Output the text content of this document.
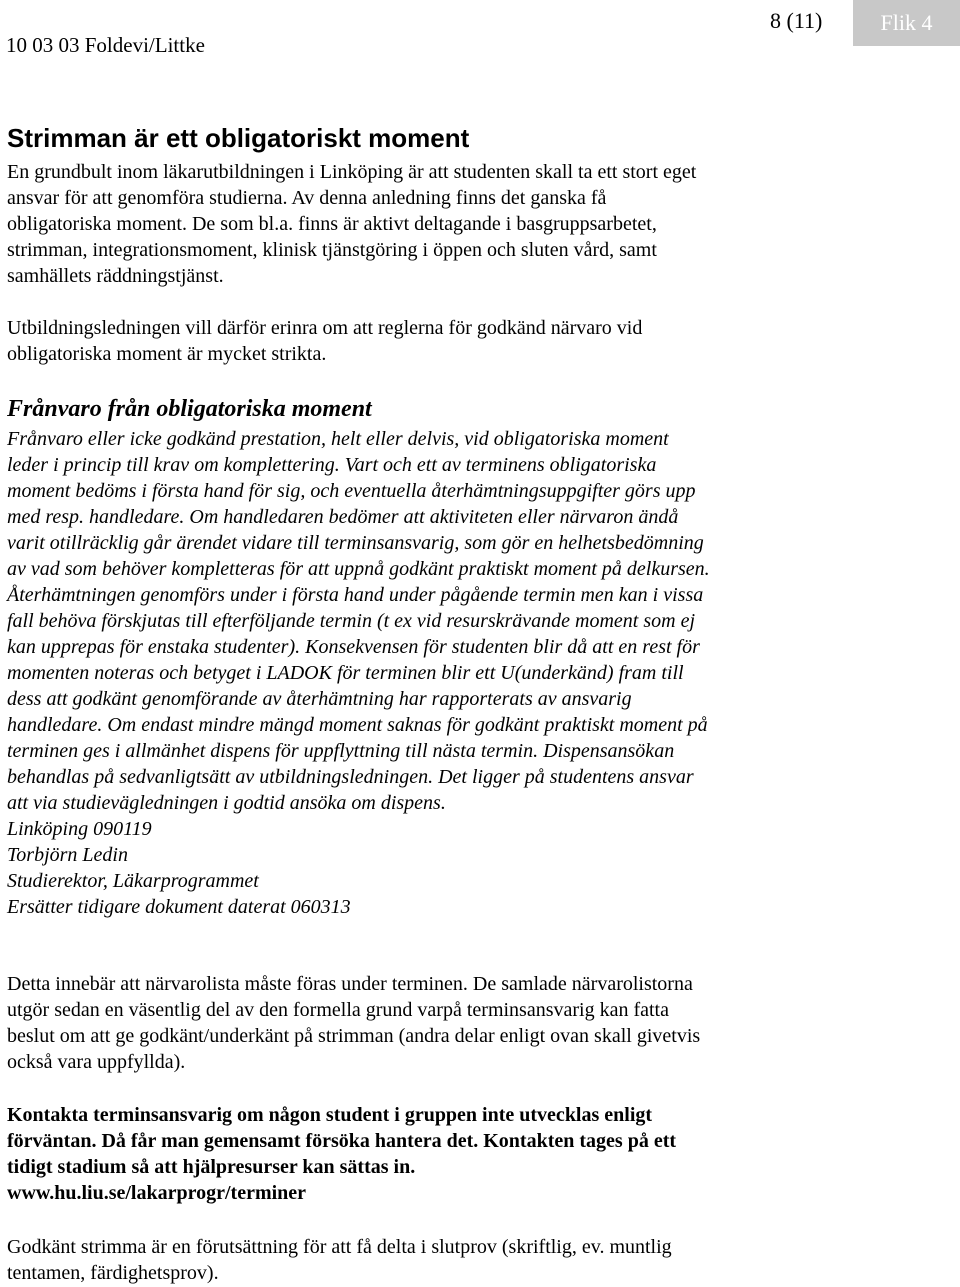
10 03 03 Foldevi/Littke
8 (11)	Flik 4
Strimman är ett obligatoriskt moment
En grundbult inom läkarutbildningen i Linköping är att studenten skall ta ett stort eget
ansvar för att genomföra studierna. Av denna anledning finns det ganska få
obligatoriska moment. De som bl.a. finns är aktivt deltagande i basgruppsarbetet,
strimman, integrationsmoment, klinisk tjänstgöring i öppen och sluten vård, samt
samhällets räddningstjänst.
Utbildningsledningen vill därför erinra om att reglerna för godkänd närvaro vid
obligatoriska moment är mycket strikta.
Frånvaro från obligatoriska moment
Frånvaro eller icke godkänd prestation, helt eller delvis, vid obligatoriska moment
leder i princip till krav om komplettering. Vart och ett av terminens obligatoriska
moment bedöms i första hand för sig, och eventuella återhämtningsuppgifter görs upp
med resp. handledare. Om handledaren bedömer att aktiviteten eller närvaron ändå
varit otillräcklig går ärendet vidare till terminsansvarig, som gör en helhetsbedömning
av vad som behöver kompletteras för att uppnå godkänt praktiskt moment på delkursen.
Återhämtningen genomförs under i första hand under pågående termin men kan i vissa
fall behöva förskjutas till efterföljande termin (t ex vid resurskrävande moment som ej
kan upprepas för enstaka studenter). Konsekvensen för studenten blir då att en rest för
momenten noteras och betyget i LADOK för terminen blir ett U(underkänd) fram till
dess att godkänt genomförande av återhämtning har rapporterats av ansvarig
handledare. Om endast mindre mängd moment saknas för godkänt praktiskt moment på
terminen ges i allmänhet dispens för uppflyttning till nästa termin. Dispensansökan
behandlas på sedvanligtsätt av utbildningsledningen. Det ligger på studentens ansvar
att via studievägledningen i godtid ansöka om dispens.
Linköping 090119
Torbjörn Ledin
Studierektor, Läkarprogrammet
Ersätter tidigare dokument daterat 060313
Detta innebär att närvarolista måste föras under terminen. De samlade närvarolistorna
utgör sedan en väsentlig del av den formella grund varpå terminsansvarig kan fatta
beslut om att ge godkänt/underkänt på strimman (andra delar enligt ovan skall givetvis
också vara uppfyllda).
Kontakta terminsansvarig om någon student i gruppen inte utvecklas enligt
förväntan. Då får man gemensamt försöka hantera det. Kontakten tages på ett
tidigt stadium så att hjälpresurser kan sättas in.
www.hu.liu.se/lakarprogr/terminer
Godkänt strimma är en förutsättning för att få delta i slutprov (skriftlig, ev. muntlig
tentamen, färdighetsprov).
